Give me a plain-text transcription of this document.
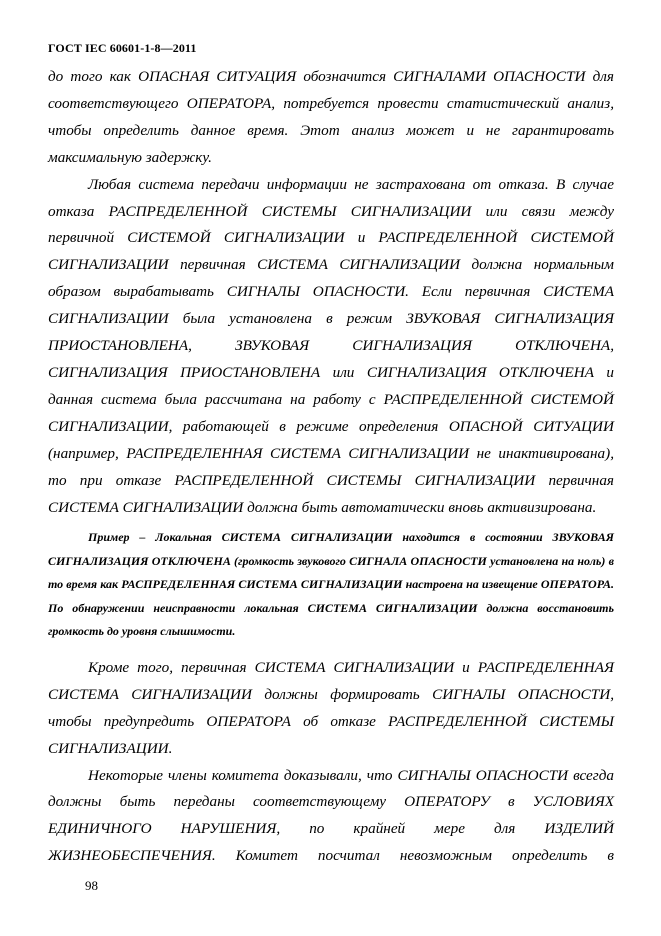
ГОСТ IEC 60601-1-8—2011

до того как ОПАСНАЯ СИТУАЦИЯ обозначится СИГНАЛАМИ ОПАСНОСТИ для соответствующего ОПЕРАТОРА, потребуется провести статистический анализ, чтобы определить данное время. Этот анализ может и не гарантировать максимальную задержку.

Любая система передачи информации не застрахована от отказа. В случае отказа РАСПРЕДЕЛЕННОЙ СИСТЕМЫ СИГНАЛИЗАЦИИ или связи между первичной СИСТЕМОЙ СИГНАЛИЗАЦИИ и РАСПРЕДЕЛЕННОЙ СИСТЕМОЙ СИГНАЛИЗАЦИИ первичная СИСТЕМА СИГНАЛИЗАЦИИ должна нормальным образом вырабатывать СИГНАЛЫ ОПАСНОСТИ. Если первичная СИСТЕМА СИГНАЛИЗАЦИИ была установлена в режим ЗВУКОВАЯ СИГНАЛИЗАЦИЯ ПРИОСТАНОВЛЕНА, ЗВУКОВАЯ СИГНАЛИЗАЦИЯ ОТКЛЮЧЕНА, СИГНАЛИЗАЦИЯ ПРИОСТАНОВЛЕНА или СИГНАЛИЗАЦИЯ ОТКЛЮЧЕНА и данная система была рассчитана на работу с РАСПРЕДЕЛЕННОЙ СИСТЕМОЙ СИГНАЛИЗАЦИИ, работающей в режиме определения ОПАСНОЙ СИТУАЦИИ (например, РАСПРЕДЕЛЕННАЯ СИСТЕМА СИГНАЛИЗАЦИИ не инактивирована), то при отказе РАСПРЕДЕЛЕННОЙ СИСТЕМЫ СИГНАЛИЗАЦИИ первичная СИСТЕМА СИГНАЛИЗАЦИИ должна быть автоматически вновь активизирована.

Пример – Локальная СИСТЕМА СИГНАЛИЗАЦИИ находится в состоянии ЗВУКОВАЯ СИГНАЛИЗАЦИЯ ОТКЛЮЧЕНА (громкость звукового СИГНАЛА ОПАСНОСТИ установлена на ноль) в то время как РАСПРЕДЕЛЕННАЯ СИСТЕМА СИГНАЛИЗАЦИИ настроена на извещение ОПЕРАТОРА. По обнаружении неисправности локальная СИСТЕМА СИГНАЛИЗАЦИИ должна восстановить громкость до уровня слышимости.

Кроме того, первичная СИСТЕМА СИГНАЛИЗАЦИИ и РАСПРЕДЕЛЕННАЯ СИСТЕМА СИГНАЛИЗАЦИИ должны формировать СИГНАЛЫ ОПАСНОСТИ, чтобы предупредить ОПЕРАТОРА об отказе РАСПРЕДЕЛЕННОЙ СИСТЕМЫ СИГНАЛИЗАЦИИ.

Некоторые члены комитета доказывали, что СИГНАЛЫ ОПАСНОСТИ всегда должны быть переданы соответствующему ОПЕРАТОРУ в УСЛОВИЯХ ЕДИНИЧНОГО НАРУШЕНИЯ, по крайней мере для ИЗДЕЛИЙ ЖИЗНЕОБЕСПЕЧЕНИЯ. Комитет посчитал невозможным определить в

98
